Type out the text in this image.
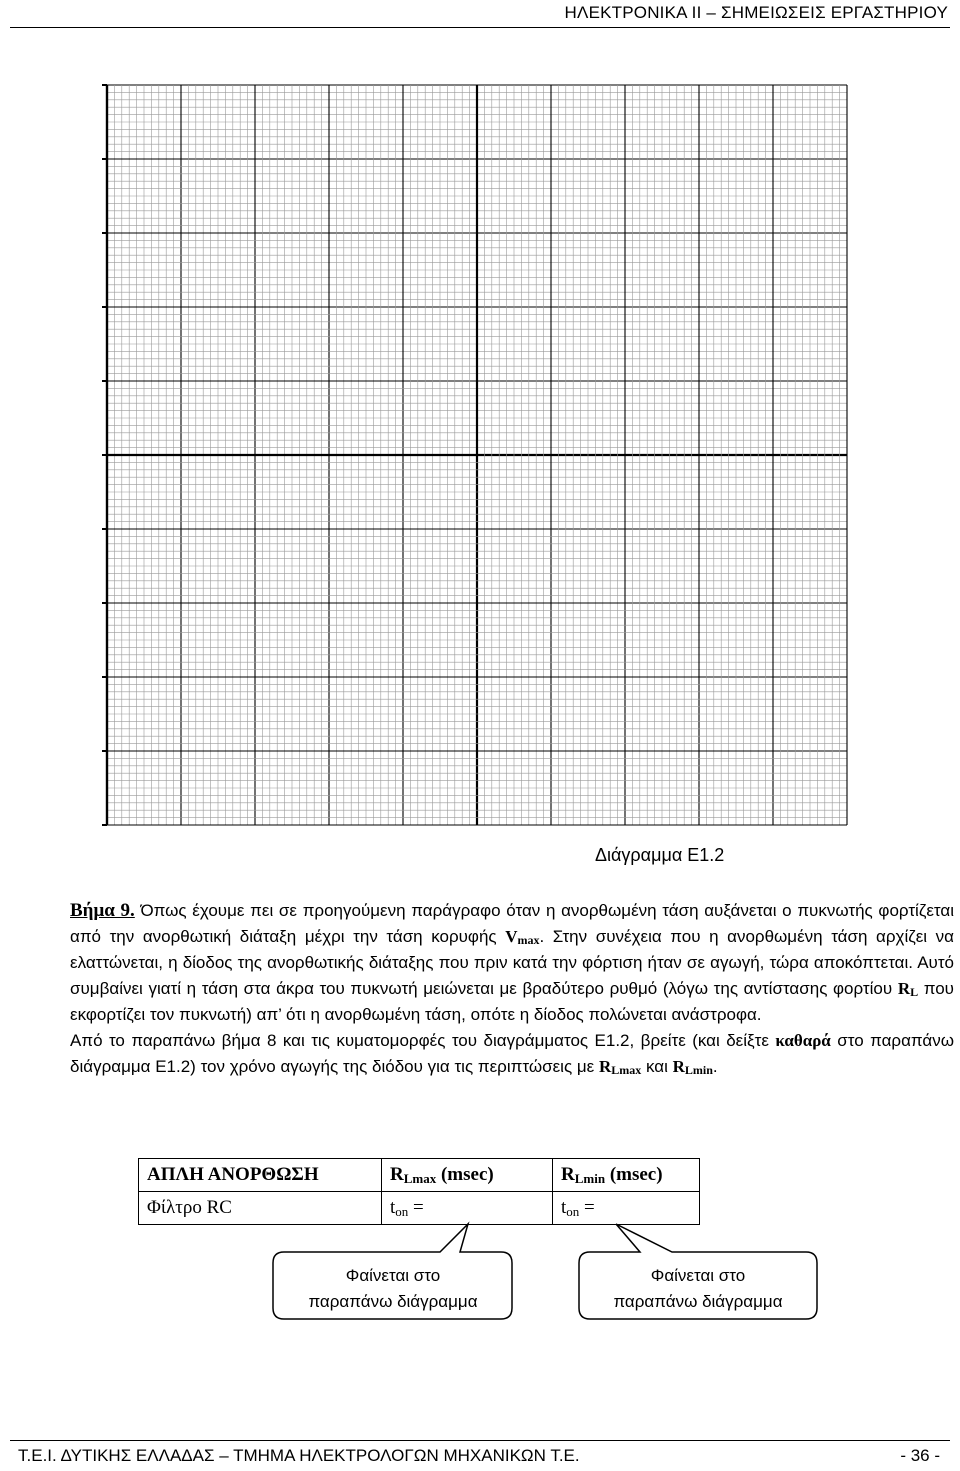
ΗΛΕΚΤΡΟΝΙΚΑ ΙΙ – ΣΗΜΕΙΩΣΕΙΣ ΕΡΓΑΣΤΗΡΙΟΥ
Διάγραμμα Ε1.2

Βήμα 9. Όπως έχουμε πει σε προηγούμενη παράγραφο όταν η ανορθωμένη τάση αυξάνεται ο πυκνωτής φορτίζεται από την ανορθωτική διάταξη μέχρι την τάση κορυφής $V_{max}$. Στην συνέχεια που η ανορθωμένη τάση αρχίζει να ελαττώνεται, η δίοδος της ανορθωτικής διάταξης που πριν κατά την φόρτιση ήταν σε αγωγή, τώρα αποκόπτεται. Αυτό συμβαίνει γιατί η τάση στα άκρα του πυκνωτή μειώνεται με βραδύτερο ρυθμό (λόγω της αντίστασης φορτίου $R_L$ που εκφορτίζει τον πυκνωτή) απ’ ότι η ανορθωμένη τάση, οπότε η δίοδος πολώνεται ανάστροφα.

Από το παραπάνω βήμα 8 και τις κυματομορφές του διαγράμματος Ε1.2, βρείτε (και δείξτε καθαρά στο παραπάνω διάγραμμα Ε1.2) τον χρόνο αγωγής της διόδου για τις περιπτώσεις με $R_{Lmax}$ και $R_{Lmin}$.

ΑΠΛΗ ΑΝΟΡΘΩΣΗ	$R_{Lmax}$ (msec)	$R_{Lmin}$ (msec)
Φίλτρο RC	$t_{on}$ =	$t_{on}$ =
Φαίνεται στο
παραπάνω διάγραμμα
Φαίνεται στο
παραπάνω διάγραμμα
Τ.Ε.Ι. ΔΥΤΙΚΗΣ ΕΛΛΑΔΑΣ – ΤΜΗΜΑ ΗΛΕΚΤΡΟΛΟΓΩΝ ΜΗΧΑΝΙΚΩΝ Τ.Ε.	- 36 -
